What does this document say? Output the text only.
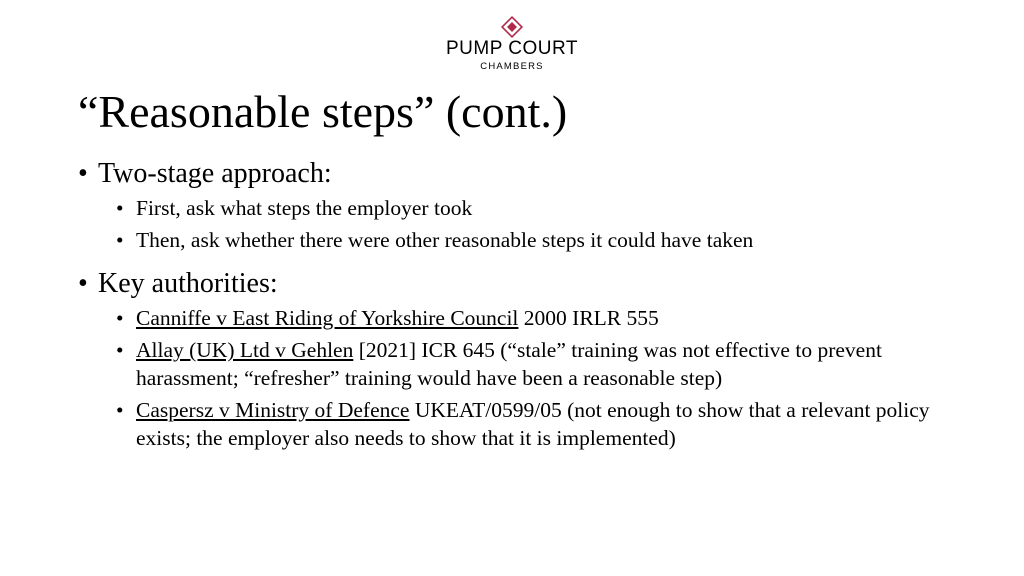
PUMP COURT
CHAMBERS
“Reasonable steps” (cont.)
• Two-stage approach:
• First, ask what steps the employer took
• Then, ask whether there were other reasonable steps it could have taken
• Key authorities:
• Canniffe v East Riding of Yorkshire Council 2000 IRLR 555
• Allay (UK) Ltd v Gehlen [2021] ICR 645 (“stale” training was not effective to prevent harassment; “refresher” training would have been a reasonable step)
• Caspersz v Ministry of Defence UKEAT/0599/05 (not enough to show that a relevant policy exists; the employer also needs to show that it is implemented)
